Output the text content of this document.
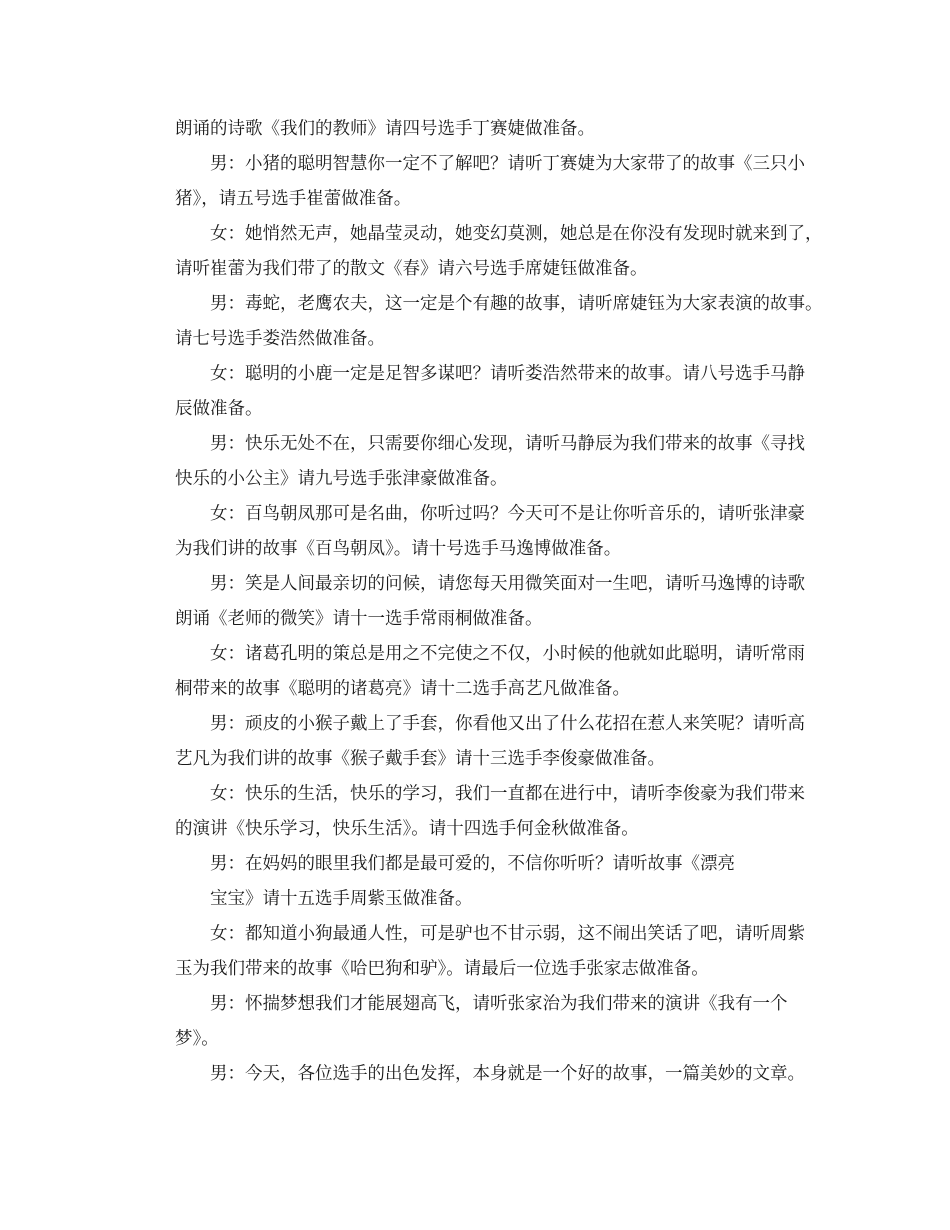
朗诵的诗歌《我们的教师》请四号选手丁赛婕做准备。
男：小猪的聪明智慧你一定不了解吧？请听丁赛婕为大家带了的故事《三只小
猪》，请五号选手崔蕾做准备。
女：她悄然无声，她晶莹灵动，她变幻莫测，她总是在你没有发现时就来到了，
请听崔蕾为我们带了的散文《春》请六号选手席婕钰做准备。
男：毒蛇，老鹰农夫，这一定是个有趣的故事，请听席婕钰为大家表演的故事。
请七号选手娄浩然做准备。
女：聪明的小鹿一定是足智多谋吧？请听娄浩然带来的故事。请八号选手马静
辰做准备。
男：快乐无处不在，只需要你细心发现，请听马静辰为我们带来的故事《寻找
快乐的小公主》请九号选手张津豪做准备。
女：百鸟朝凤那可是名曲，你听过吗？今天可不是让你听音乐的，请听张津豪
为我们讲的故事《百鸟朝凤》。请十号选手马逸博做准备。
男：笑是人间最亲切的问候，请您每天用微笑面对一生吧，请听马逸博的诗歌
朗诵《老师的微笑》请十一选手常雨桐做准备。
女：诸葛孔明的策总是用之不完使之不仅，小时候的他就如此聪明，请听常雨
桐带来的故事《聪明的诸葛亮》请十二选手高艺凡做准备。
男：顽皮的小猴子戴上了手套，你看他又出了什么花招在惹人来笑呢？请听高
艺凡为我们讲的故事《猴子戴手套》请十三选手李俊豪做准备。
女：快乐的生活，快乐的学习，我们一直都在进行中，请听李俊豪为我们带来
的演讲《快乐学习，快乐生活》。请十四选手何金秋做准备。
男：在妈妈的眼里我们都是最可爱的，不信你听听？请听故事《漂亮
宝宝》请十五选手周紫玉做准备。
女：都知道小狗最通人性，可是驴也不甘示弱，这不闹出笑话了吧，请听周紫
玉为我们带来的故事《哈巴狗和驴》。请最后一位选手张家志做准备。
男：怀揣梦想我们才能展翅高飞，请听张家治为我们带来的演讲《我有一个
梦》。
男：今天，各位选手的出色发挥，本身就是一个好的故事，一篇美妙的文章。
